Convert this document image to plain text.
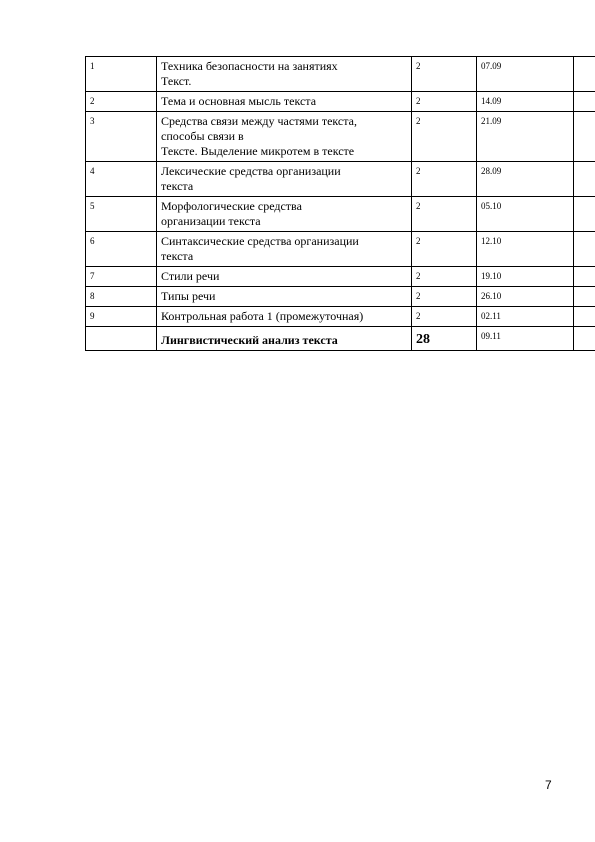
1	Техника безопасности на занятиях
Текст.	2	07.09	
2	Тема и основная мысль текста	2	14.09	
3	Средства связи между частями текста,
способы связи в
Тексте. Выделение микротем в тексте	2	21.09	
4	Лексические средства организации
текста	2	28.09	
5	Морфологические средства
организации текста	2	05.10	
6	Синтаксические средства организации
текста	2	12.10	
7	Стили речи	2	19.10	
8	Типы речи	2	26.10	
9	Контрольная работа 1 (промежуточная)	2	02.11	
	Лингвистический анализ текста	28	09.11	
7
